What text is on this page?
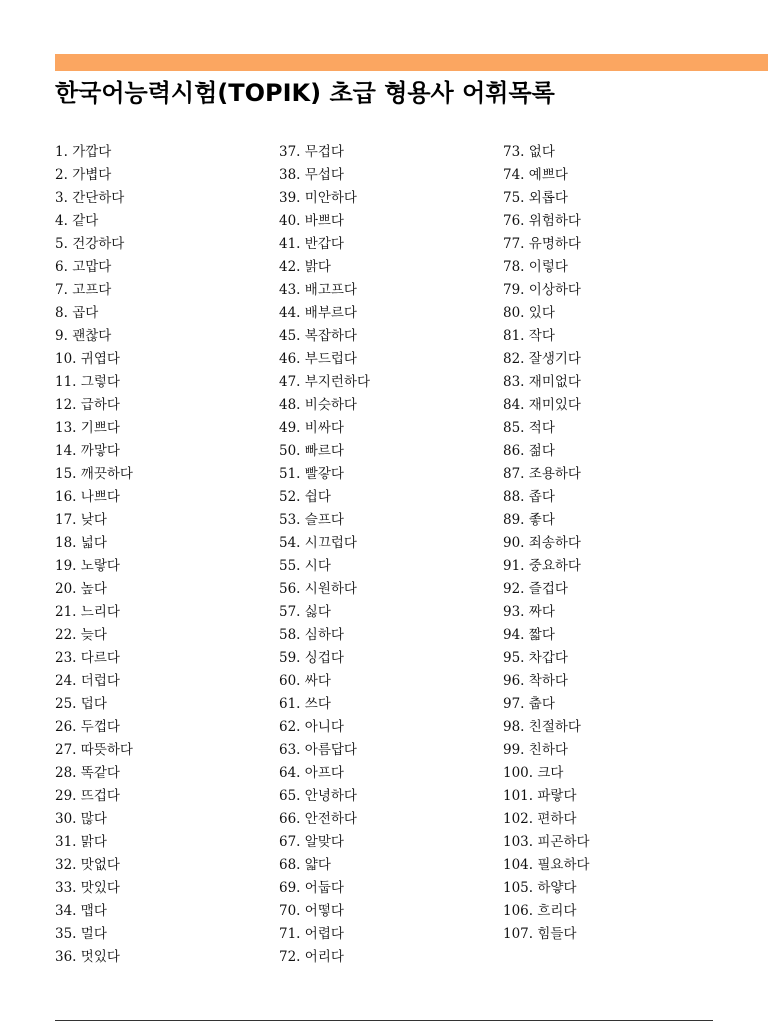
한국어능력시험(TOPIK) 초급 형용사 어휘목록
1. 가깝다
2. 가볍다
3. 간단하다
4. 같다
5. 건강하다
6. 고맙다
7. 고프다
8. 곱다
9. 괜찮다
10. 귀엽다
11. 그렇다
12. 급하다
13. 기쁘다
14. 까맣다
15. 깨끗하다
16. 나쁘다
17. 낮다
18. 넓다
19. 노랗다
20. 높다
21. 느리다
22. 늦다
23. 다르다
24. 더럽다
25. 덥다
26. 두껍다
27. 따뜻하다
28. 똑같다
29. 뜨겁다
30. 많다
31. 맑다
32. 맛없다
33. 맛있다
34. 맵다
35. 멀다
36. 멋있다
37. 무겁다
38. 무섭다
39. 미안하다
40. 바쁘다
41. 반갑다
42. 밝다
43. 배고프다
44. 배부르다
45. 복잡하다
46. 부드럽다
47. 부지런하다
48. 비슷하다
49. 비싸다
50. 빠르다
51. 빨갛다
52. 쉽다
53. 슬프다
54. 시끄럽다
55. 시다
56. 시원하다
57. 싫다
58. 심하다
59. 싱겁다
60. 싸다
61. 쓰다
62. 아니다
63. 아름답다
64. 아프다
65. 안녕하다
66. 안전하다
67. 알맞다
68. 얇다
69. 어둡다
70. 어떻다
71. 어렵다
72. 어리다
73. 없다
74. 예쁘다
75. 외롭다
76. 위험하다
77. 유명하다
78. 이렇다
79. 이상하다
80. 있다
81. 작다
82. 잘생기다
83. 재미없다
84. 재미있다
85. 적다
86. 젊다
87. 조용하다
88. 좁다
89. 좋다
90. 죄송하다
91. 중요하다
92. 즐겁다
93. 짜다
94. 짧다
95. 차갑다
96. 착하다
97. 춥다
98. 친절하다
99. 친하다
100. 크다
101. 파랗다
102. 편하다
103. 피곤하다
104. 필요하다
105. 하얗다
106. 흐리다
107. 힘들다
